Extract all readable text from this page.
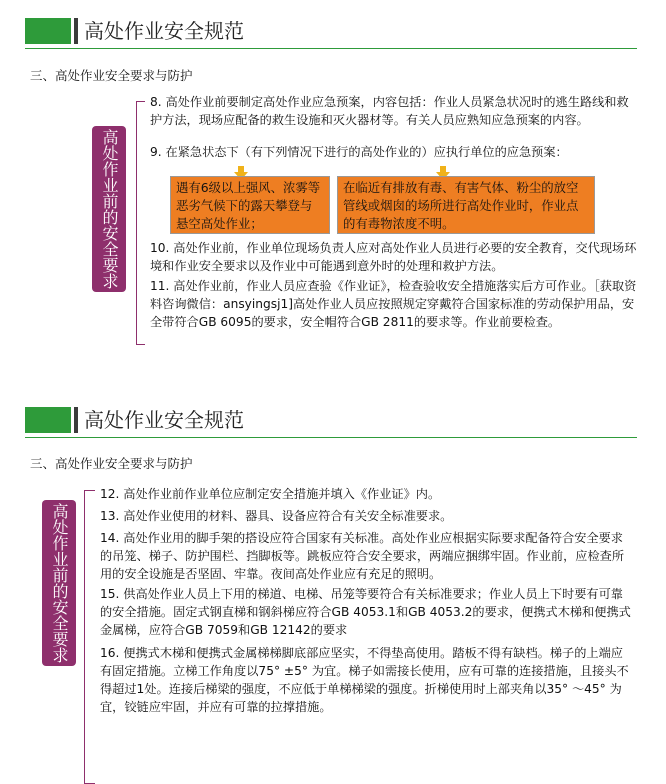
高处作业安全规范
三、高处作业安全要求与防护
高处作业前的安全要求
8. 高处作业前要制定高处作业应急预案，内容包括：作业人员紧急状况时的逃生路线和救护方法，现场应配备的救生设施和灭火器材等。有关人员应熟知应急预案的内容。
9. 在紧急状态下（有下列情况下进行的高处作业的）应执行单位的应急预案：
遇有6级以上强风、浓雾等恶劣气候下的露天攀登与悬空高处作业；
在临近有排放有毒、有害气体、粉尘的放空管线或烟囱的场所进行高处作业时，作业点的有毒物浓度不明。
10. 高处作业前，作业单位现场负责人应对高处作业人员进行必要的安全教育，交代现场环境和作业安全要求以及作业中可能遇到意外时的处理和救护方法。
11. 高处作业前，作业人员应查验《作业证》，检查验收安全措施落实后方可作业。［获取资料咨询微信：ansyingsj1]高处作业人员应按照规定穿戴符合国家标准的劳动保护用品，安全带符合GB 6095的要求，安全帽符合GB 2811的要求等。作业前要检查。
高处作业安全规范
三、高处作业安全要求与防护
高处作业前的安全要求
12. 高处作业前作业单位应制定安全措施并填入《作业证》内。
13. 高处作业使用的材料、器具、设备应符合有关安全标准要求。
14. 高处作业用的脚手架的搭设应符合国家有关标准。高处作业应根据实际要求配备符合安全要求的吊笼、梯子、防护围栏、挡脚板等。跳板应符合安全要求，两端应捆绑牢固。作业前，应检查所用的安全设施是否坚固、牢靠。夜间高处作业应有充足的照明。
15. 供高处作业人员上下用的梯道、电梯、吊笼等要符合有关标准要求；作业人员上下时要有可靠的安全措施。固定式钢直梯和钢斜梯应符合GB 4053.1和GB 4053.2的要求，便携式木梯和便携式金属梯，应符合GB 7059和GB 12142的要求
16. 便携式木梯和便携式金属梯梯脚底部应坚实，不得垫高使用。踏板不得有缺档。梯子的上端应有固定措施。立梯工作角度以75° ±5° 为宜。梯子如需接长使用，应有可靠的连接措施，且接头不得超过1处。连接后梯梁的强度，不应低于单梯梯梁的强度。折梯使用时上部夹角以35° ～45° 为宜，铰链应牢固，并应有可靠的拉撑措施。
